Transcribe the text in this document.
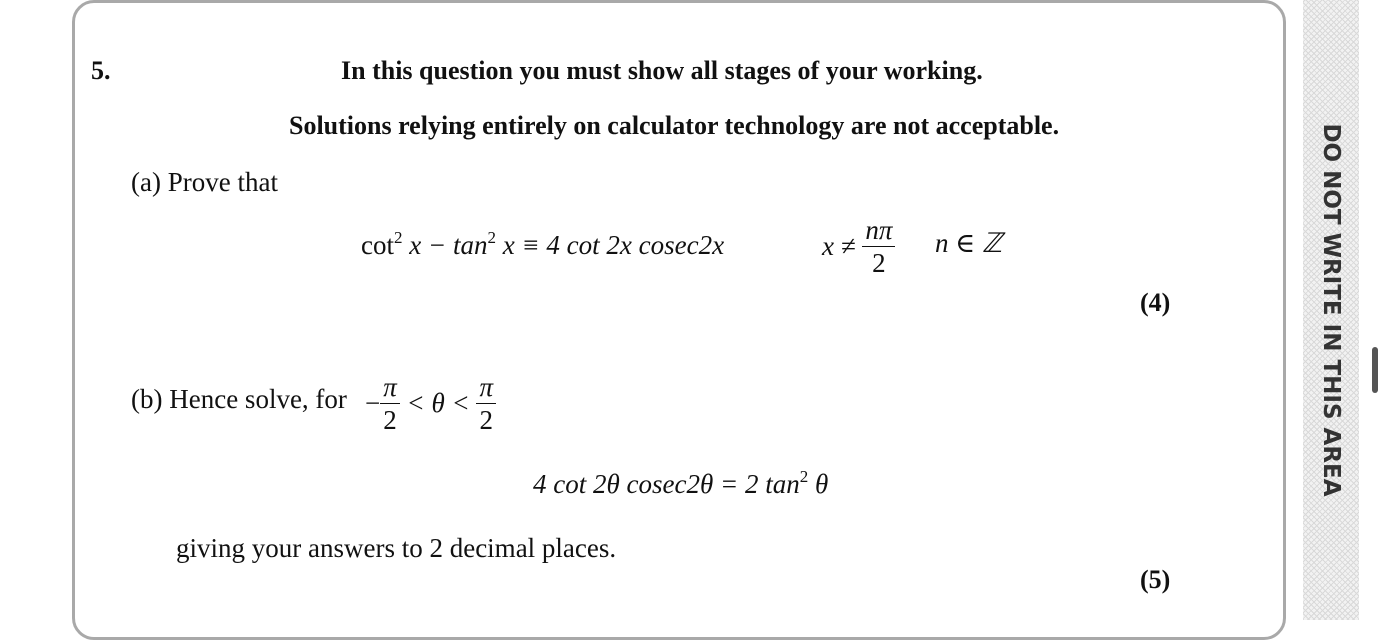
5.	In this question you must show all stages of your working.
Solutions relying entirely on calculator technology are not acceptable.
(a) Prove that
$\cot^2 x - \tan^2 x \equiv 4$ cot 2x cosec2x	$x \ne \frac{n\pi}{2}$ n ∈ ℤ
(4)
(b) Hence solve, for − $\frac{\pi}{2} < \theta < \frac{\pi}{2}$
4 cot 2θ cosec2θ = 2 $\tan^2 \theta$
giving your answers to 2 decimal places.
(5)
DO NOT WRITE IN THIS AREA
